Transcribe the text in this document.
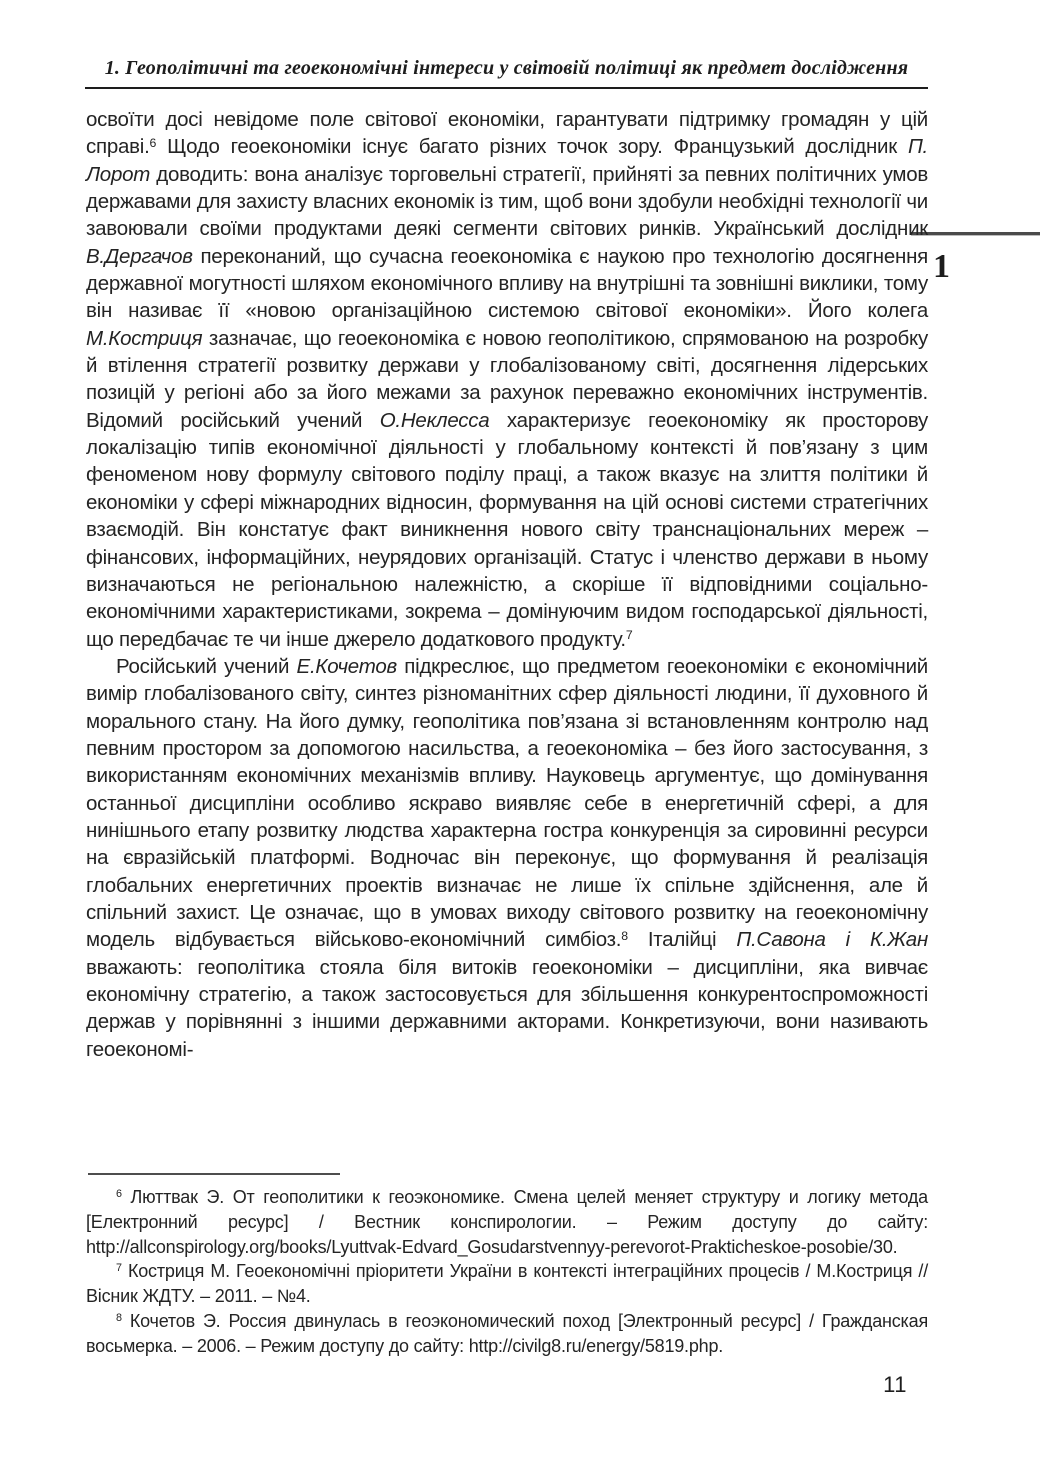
1. Геополітичні та геоекономічні інтереси у світовій політиці як предмет дослідження
1

освоїти досі невідоме поле світової економіки, гарантувати підтримку громадян у цій справі.$^6$ Щодо геоекономіки існує багато різних точок зору. Французький дослідник П. Лорот доводить: вона аналізує торговельні стратегії, прийняті за певних політичних умов державами для захисту власних економік із тим, щоб вони здобули необхідні технології чи завоювали своїми продуктами деякі сегменти світових ринків. Український дослідник В.Дергачов переконаний, що сучасна геоекономіка є наукою про технологію досягнення державної могутності шляхом економічного впливу на внутрішні та зовнішні виклики, тому він називає її «новою організаційною системою світової економіки». Його колега М.Костриця зазначає, що геоекономіка є новою геополітикою, спрямованою на розробку й втілення стратегії розвитку держави у глобалізованому світі, досягнення лідерських позицій у регіоні або за його межами за рахунок переважно економічних інструментів. Відомий російський учений О.Неклесса характеризує геоекономіку як просторову локалізацію типів економічної діяльності у глобальному контексті й пов’язану з цим феноменом нову формулу світового поділу праці, а також вказує на злиття політики й економіки у сфері міжнародних відносин, формування на цій основі системи стратегічних взаємодій. Він констатує факт виникнення нового світу транснаціональних мереж – фінансових, інформаційних, неурядових організацій. Статус і членство держави в ньому визначаються не регіональною належністю, а скоріше її відповідними соціально-економічними характеристиками, зокрема – домінуючим видом господарської діяльності, що передбачає те чи інше джерело додаткового продукту.$^7$

Російський учений Е.Кочетов підкреслює, що предметом геоекономіки є економічний вимір глобалізованого світу, синтез різноманітних сфер діяльності людини, її духовного й морального стану. На його думку, геополітика пов’язана зі встановленням контролю над певним простором за допомогою насильства, а геоекономіка – без його застосування, з використанням економічних механізмів впливу. Науковець аргументує, що домінування останньої дисципліни особливо яскраво виявляє себе в енергетичній сфері, а для нинішнього етапу розвитку людства характерна гостра конкуренція за сировинні ресурси на євразійській платформі. Водночас він переконує, що формування й реалізація глобальних енергетичних проектів визначає не лише їх спільне здійснення, але й спільний захист. Це означає, що в умовах виходу світового розвитку на геоекономічну модель відбувається військово-економічний симбіоз.$^8$ Італійці П.Савона і К.Жан вважають: геополітика стояла біля витоків геоекономіки – дисципліни, яка вивчає економічну стратегію, а також застосовується для збільшення конкурентоспроможності держав у порівнянні з іншими державними акторами. Конкретизуючи, вони називають геоекономі-

$^6$ Люттвак Э. От геополитики к геоэкономике. Смена целей меняет структуру и логику метода [Електронний ресурс] / Вестник конспирологии. – Режим доступу до сайту: http://allconspirology.org/books/Lyuttvak-Edvard_Gosudarstvennyy-perevorot-Prakticheskoe-posobie/30.

$^7$ Костриця М. Геоекономічні пріоритети України в контексті інтеграційних процесів / М.Костриця // Вісник ЖДТУ. – 2011. – №4.

$^8$ Кочетов Э. Россия двинулась в геоэкономический поход [Электронный ресурс] / Гражданская восьмерка. – 2006. – Режим доступу до сайту: http://civilg8.ru/energy/5819.php.

11
